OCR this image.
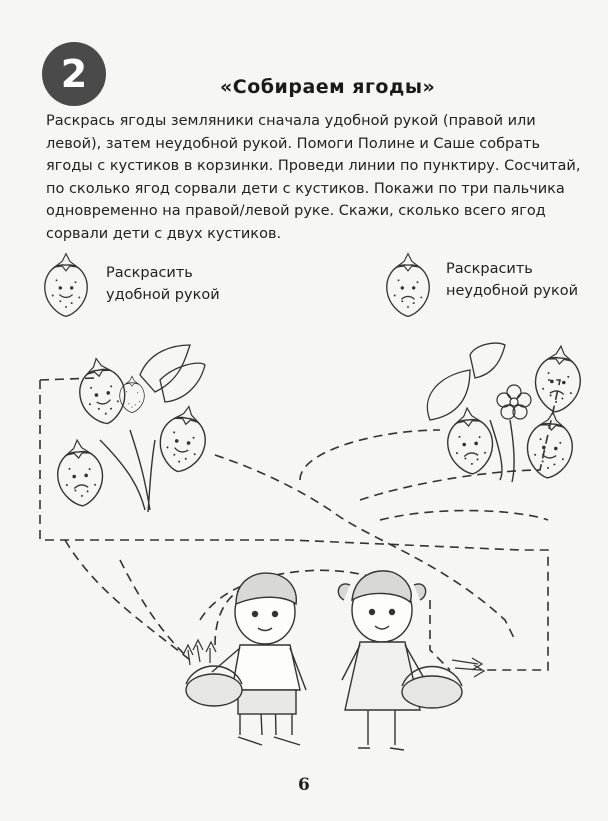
2	«Собираем ягоды»
Раскрась ягоды земляники сначала удобной рукой (правой или левой), затем неудобной рукой. Помоги Полине и Саше собрать ягоды с кустиков в корзинки. Проведи линии по пунктиру. Сосчитай, по сколько ягод сорвали дети с кустиков. Покажи по три пальчика одновременно на правой/левой руке. Скажи, сколько всего ягод сорвали дети с двух кустиков.
Раскрасить
удобной рукой
Раскрасить
неудобной рукой
6
